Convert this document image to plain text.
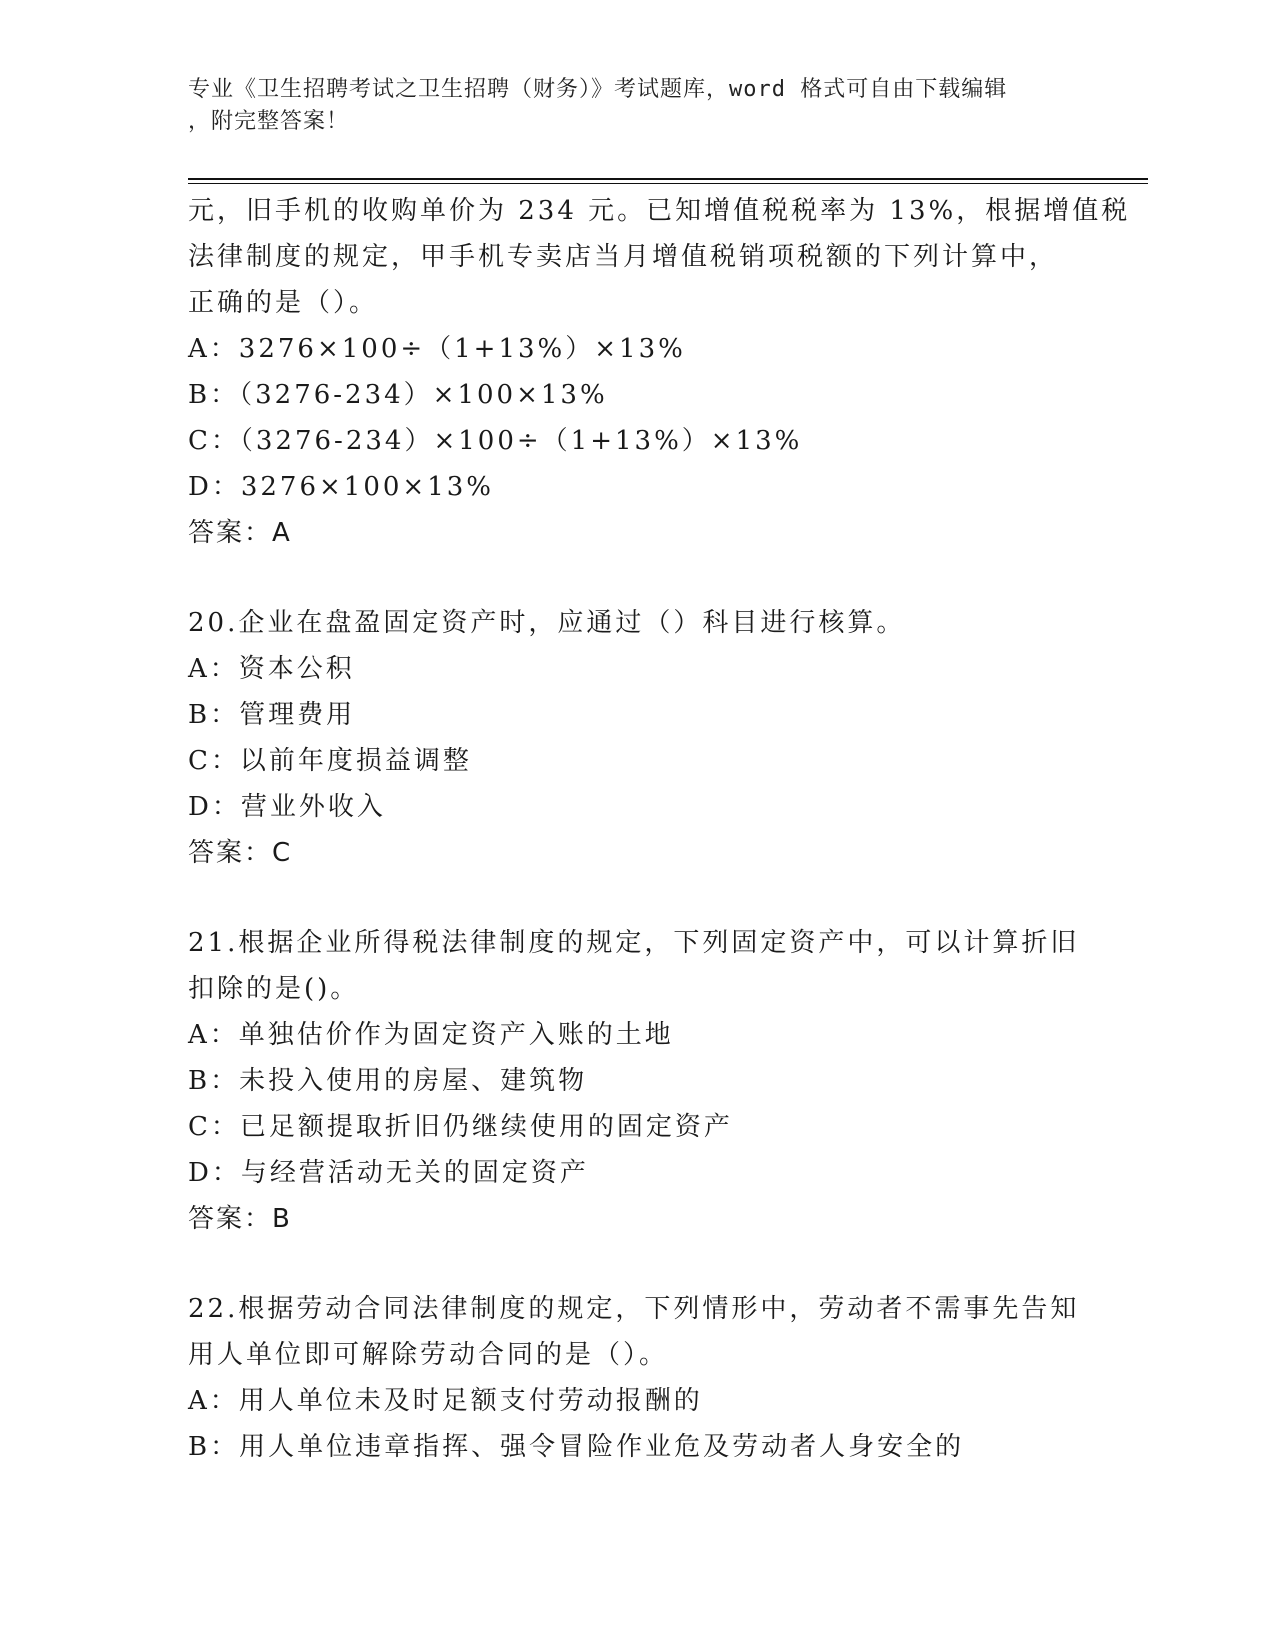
专业《卫生招聘考试之卫生招聘（财务）》考试题库，word 格式可自由下载编辑
，附完整答案！
元，旧手机的收购单价为 234 元。已知增值税税率为 13%，根据增值税
法律制度的规定，甲手机专卖店当月增值税销项税额的下列计算中，
正确的是（）。
A：3276×100÷（1+13%）×13%
B：（3276-234）×100×13%
C：（3276-234）×100÷（1+13%）×13%
D：3276×100×13%
答案：A
20.企业在盘盈固定资产时，应通过（）科目进行核算。
A：资本公积
B：管理费用
C：以前年度损益调整
D：营业外收入
答案：C
21.根据企业所得税法律制度的规定，下列固定资产中，可以计算折旧
扣除的是()。
A：单独估价作为固定资产入账的土地
B：未投入使用的房屋、建筑物
C：已足额提取折旧仍继续使用的固定资产
D：与经营活动无关的固定资产
答案：B
22.根据劳动合同法律制度的规定，下列情形中，劳动者不需事先告知
用人单位即可解除劳动合同的是（）。
A：用人单位未及时足额支付劳动报酬的
B：用人单位违章指挥、强令冒险作业危及劳动者人身安全的
